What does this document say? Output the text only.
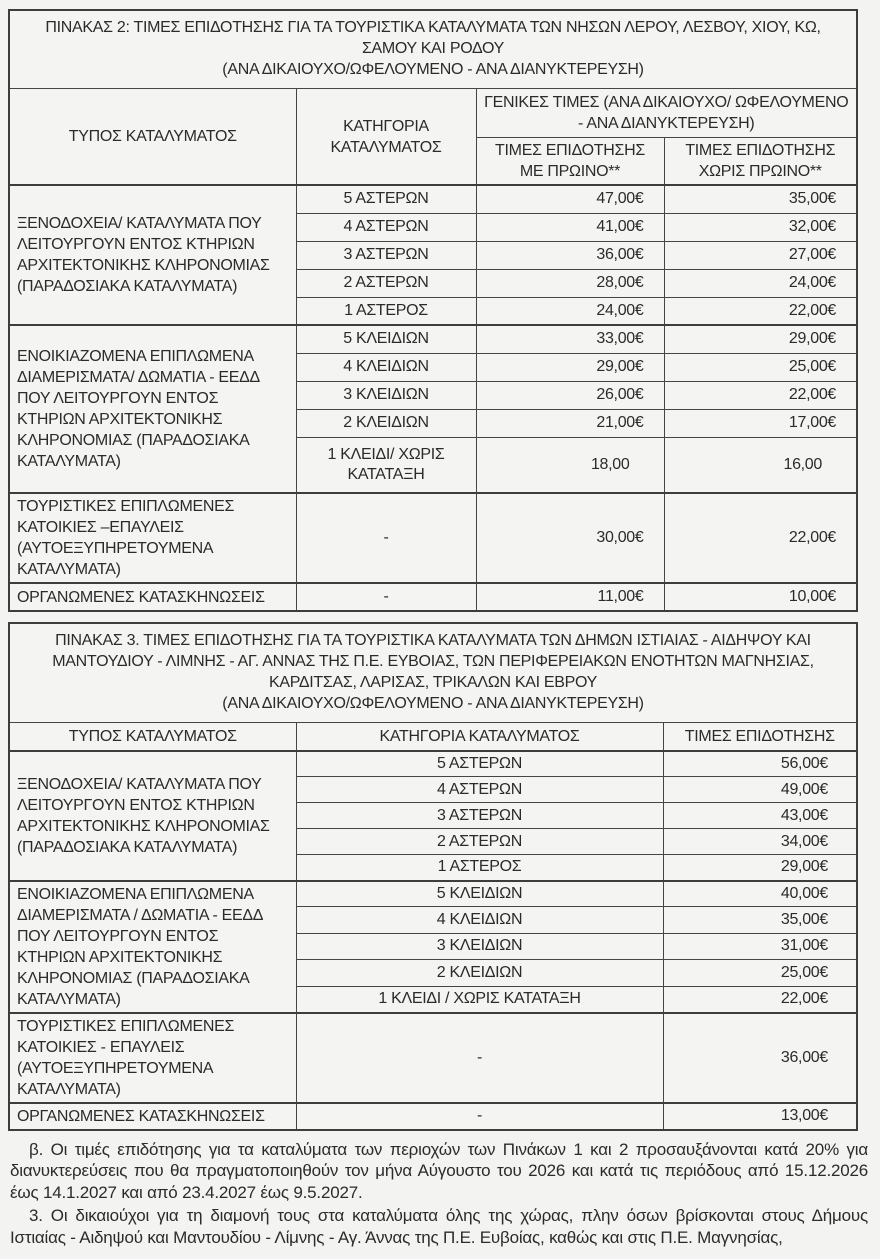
ΠΙΝΑΚΑΣ 2: ΤΙΜΕΣ ΕΠΙΔΟΤΗΣΗΣ ΓΙΑ ΤΑ ΤΟΥΡΙΣΤΙΚΑ ΚΑΤΑΛΥΜΑΤΑ ΤΩΝ ΝΗΣΩΝ ΛΕΡΟΥ, ΛΕΣΒΟΥ, ΧΙΟΥ, ΚΩ, ΣΑΜΟΥ ΚΑΙ ΡΟΔΟΥ
(ΑΝΑ ΔΙΚΑΙΟΥΧΟ/ΩΦΕΛΟΥΜΕΝΟ - ΑΝΑ ΔΙΑΝΥΚΤΕΡΕΥΣΗ)			

ΤΥΠΟΣ ΚΑΤΑΛΥΜΑΤΟΣ	ΚΑΤΗΓΟΡΙΑ ΚΑΤΑΛΥΜΑΤΟΣ	ΓΕΝΙΚΕΣ ΤΙΜΕΣ (ΑΝΑ ΔΙΚΑΙΟΥΧΟ/ ΩΦΕΛΟΥΜΕΝΟ - ΑΝΑ ΔΙΑΝΥΚΤΕΡΕΥΣΗ)	
		ΤΙΜΕΣ ΕΠΙΔΟΤΗΣΗΣ ΜΕ ΠΡΩΙΝΟ**	ΤΙΜΕΣ ΕΠΙΔΟΤΗΣΗΣ ΧΩΡΙΣ ΠΡΩΙΝΟ**
ΞΕΝΟΔΟΧΕΙΑ/ ΚΑΤΑΛΥΜΑΤΑ ΠΟΥ ΛΕΙΤΟΥΡΓΟΥΝ ΕΝΤΟΣ ΚΤΗΡΙΩΝ ΑΡΧΙΤΕΚΤΟΝΙΚΗΣ ΚΛΗΡΟΝΟΜΙΑΣ (ΠΑΡΑΔΟΣΙΑΚΑ ΚΑΤΑΛΥΜΑΤΑ)	5 ΑΣΤΕΡΩΝ	47,00€	35,00€
	4 ΑΣΤΕΡΩΝ	41,00€	32,00€
	3 ΑΣΤΕΡΩΝ	36,00€	27,00€
	2 ΑΣΤΕΡΩΝ	28,00€	24,00€
	1 ΑΣΤΕΡΟΣ	24,00€	22,00€
ΕΝΟΙΚΙΑΖΟΜΕΝΑ ΕΠΙΠΛΩΜΕΝΑ ΔΙΑΜΕΡΙΣΜΑΤΑ/ ΔΩΜΑΤΙΑ - ΕΕΔΔ ΠΟΥ ΛΕΙΤΟΥΡΓΟΥΝ ΕΝΤΟΣ ΚΤΗΡΙΩΝ ΑΡΧΙΤΕΚΤΟΝΙΚΗΣ ΚΛΗΡΟΝΟΜΙΑΣ (ΠΑΡΑΔΟΣΙΑΚΑ ΚΑΤΑΛΥΜΑΤΑ)	5 ΚΛΕΙΔΙΩΝ	33,00€	29,00€
	4 ΚΛΕΙΔΙΩΝ	29,00€	25,00€
	3 ΚΛΕΙΔΙΩΝ	26,00€	22,00€
	2 ΚΛΕΙΔΙΩΝ	21,00€	17,00€
	1 ΚΛΕΙΔΙ/ ΧΩΡΙΣ ΚΑΤΑΤΑΞΗ	18,00	16,00
ΤΟΥΡΙΣΤΙΚΕΣ ΕΠΙΠΛΩΜΕΝΕΣ ΚΑΤΟΙΚΙΕΣ –ΕΠΑΥΛΕΙΣ (ΑΥΤΟΕΞΥΠΗΡΕΤΟΥΜΕΝΑ ΚΑΤΑΛΥΜΑΤΑ)	-	30,00€	22,00€
ΟΡΓΑΝΩΜΕΝΕΣ ΚΑΤΑΣΚΗΝΩΣΕΙΣ	-	11,00€	10,00€
ΠΙΝΑΚΑΣ 3. ΤΙΜΕΣ ΕΠΙΔΟΤΗΣΗΣ ΓΙΑ ΤΑ ΤΟΥΡΙΣΤΙΚΑ ΚΑΤΑΛΥΜΑΤΑ ΤΩΝ ΔΗΜΩΝ ΙΣΤΙΑΙΑΣ - ΑΙΔΗΨΟΥ ΚΑΙ ΜΑΝΤΟΥΔΙΟΥ - ΛΙΜΝΗΣ - ΑΓ. ΑΝΝΑΣ ΤΗΣ Π.Ε. ΕΥΒΟΙΑΣ, ΤΩΝ ΠΕΡΙΦΕΡΕΙΑΚΩΝ ΕΝΟΤΗΤΩΝ ΜΑΓΝΗΣΙΑΣ, ΚΑΡΔΙΤΣΑΣ, ΛΑΡΙΣΑΣ, ΤΡΙΚΑΛΩΝ ΚΑΙ ΕΒΡΟΥ
(ΑΝΑ ΔΙΚΑΙΟΥΧΟ/ΩΦΕΛΟΥΜΕΝΟ - ΑΝΑ ΔΙΑΝΥΚΤΕΡΕΥΣΗ)		

ΤΥΠΟΣ ΚΑΤΑΛΥΜΑΤΟΣ	ΚΑΤΗΓΟΡΙΑ ΚΑΤΑΛΥΜΑΤΟΣ	ΤΙΜΕΣ ΕΠΙΔΟΤΗΣΗΣ
ΞΕΝΟΔΟΧΕΙΑ/ ΚΑΤΑΛΥΜΑΤΑ ΠΟΥ ΛΕΙΤΟΥΡΓΟΥΝ ΕΝΤΟΣ ΚΤΗΡΙΩΝ ΑΡΧΙΤΕΚΤΟΝΙΚΗΣ ΚΛΗΡΟΝΟΜΙΑΣ (ΠΑΡΑΔΟΣΙΑΚΑ ΚΑΤΑΛΥΜΑΤΑ)	5 ΑΣΤΕΡΩΝ	56,00€
	4 ΑΣΤΕΡΩΝ	49,00€
	3 ΑΣΤΕΡΩΝ	43,00€
	2 ΑΣΤΕΡΩΝ	34,00€
	1 ΑΣΤΕΡΟΣ	29,00€
ΕΝΟΙΚΙΑΖΟΜΕΝΑ ΕΠΙΠΛΩΜΕΝΑ ΔΙΑΜΕΡΙΣΜΑΤΑ / ΔΩΜΑΤΙΑ - ΕΕΔΔ ΠΟΥ ΛΕΙΤΟΥΡΓΟΥΝ ΕΝΤΟΣ ΚΤΗΡΙΩΝ ΑΡΧΙΤΕΚΤΟΝΙΚΗΣ ΚΛΗΡΟΝΟΜΙΑΣ (ΠΑΡΑΔΟΣΙΑΚΑ ΚΑΤΑΛΥΜΑΤΑ)	5 ΚΛΕΙΔΙΩΝ	40,00€
	4 ΚΛΕΙΔΙΩΝ	35,00€
	3 ΚΛΕΙΔΙΩΝ	31,00€
	2 ΚΛΕΙΔΙΩΝ	25,00€
	1 ΚΛΕΙΔΙ / ΧΩΡΙΣ ΚΑΤΑΤΑΞΗ	22,00€
ΤΟΥΡΙΣΤΙΚΕΣ ΕΠΙΠΛΩΜΕΝΕΣ ΚΑΤΟΙΚΙΕΣ - ΕΠΑΥΛΕΙΣ (ΑΥΤΟΕΞΥΠΗΡΕΤΟΥΜΕΝΑ ΚΑΤΑΛΥΜΑΤΑ)	-	36,00€
ΟΡΓΑΝΩΜΕΝΕΣ ΚΑΤΑΣΚΗΝΩΣΕΙΣ	-	13,00€

β. Οι τιμές επιδότησης για τα καταλύματα των περιοχών των Πινάκων 1 και 2 προσαυξάνονται κατά 20% για διανυκτερεύσεις που θα πραγματοποιηθούν τον μήνα Αύγουστο του 2026 και κατά τις περιόδους από 15.12.2026 έως 14.1.2027 και από 23.4.2027 έως 9.5.2027.

3. Οι δικαιούχοι για τη διαμονή τους στα καταλύματα όλης της χώρας, πλην όσων βρίσκονται στους Δήμους Ιστιαίας - Αιδηψού και Μαντουδίου - Λίμνης - Αγ. Άννας της Π.Ε. Ευβοίας, καθώς και στις Π.Ε. Μαγνησίας,
